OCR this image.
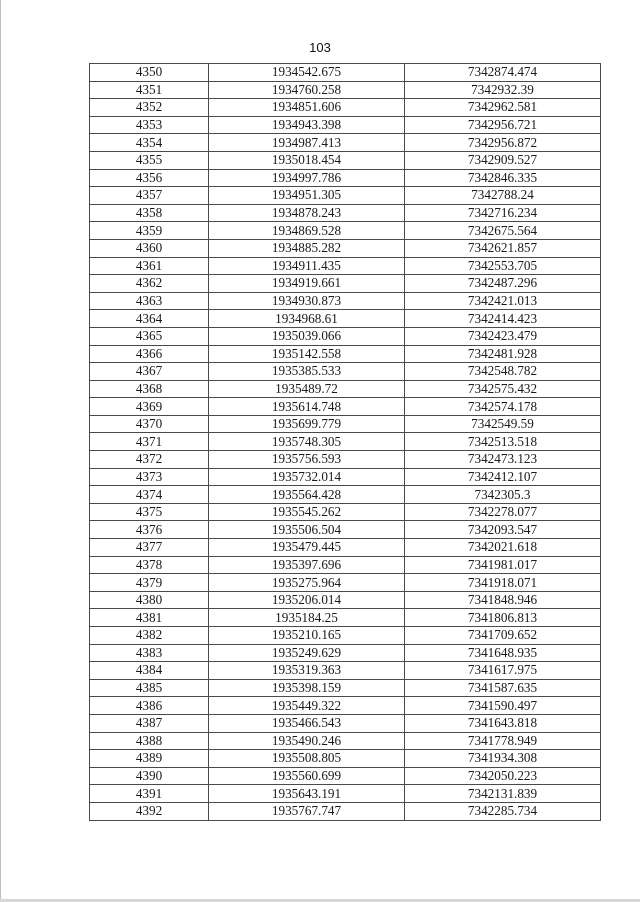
103
4350	1934542.675	7342874.474
4351	1934760.258	7342932.39
4352	1934851.606	7342962.581
4353	1934943.398	7342956.721
4354	1934987.413	7342956.872
4355	1935018.454	7342909.527
4356	1934997.786	7342846.335
4357	1934951.305	7342788.24
4358	1934878.243	7342716.234
4359	1934869.528	7342675.564
4360	1934885.282	7342621.857
4361	1934911.435	7342553.705
4362	1934919.661	7342487.296
4363	1934930.873	7342421.013
4364	1934968.61	7342414.423
4365	1935039.066	7342423.479
4366	1935142.558	7342481.928
4367	1935385.533	7342548.782
4368	1935489.72	7342575.432
4369	1935614.748	7342574.178
4370	1935699.779	7342549.59
4371	1935748.305	7342513.518
4372	1935756.593	7342473.123
4373	1935732.014	7342412.107
4374	1935564.428	7342305.3
4375	1935545.262	7342278.077
4376	1935506.504	7342093.547
4377	1935479.445	7342021.618
4378	1935397.696	7341981.017
4379	1935275.964	7341918.071
4380	1935206.014	7341848.946
4381	1935184.25	7341806.813
4382	1935210.165	7341709.652
4383	1935249.629	7341648.935
4384	1935319.363	7341617.975
4385	1935398.159	7341587.635
4386	1935449.322	7341590.497
4387	1935466.543	7341643.818
4388	1935490.246	7341778.949
4389	1935508.805	7341934.308
4390	1935560.699	7342050.223
4391	1935643.191	7342131.839
4392	1935767.747	7342285.734
